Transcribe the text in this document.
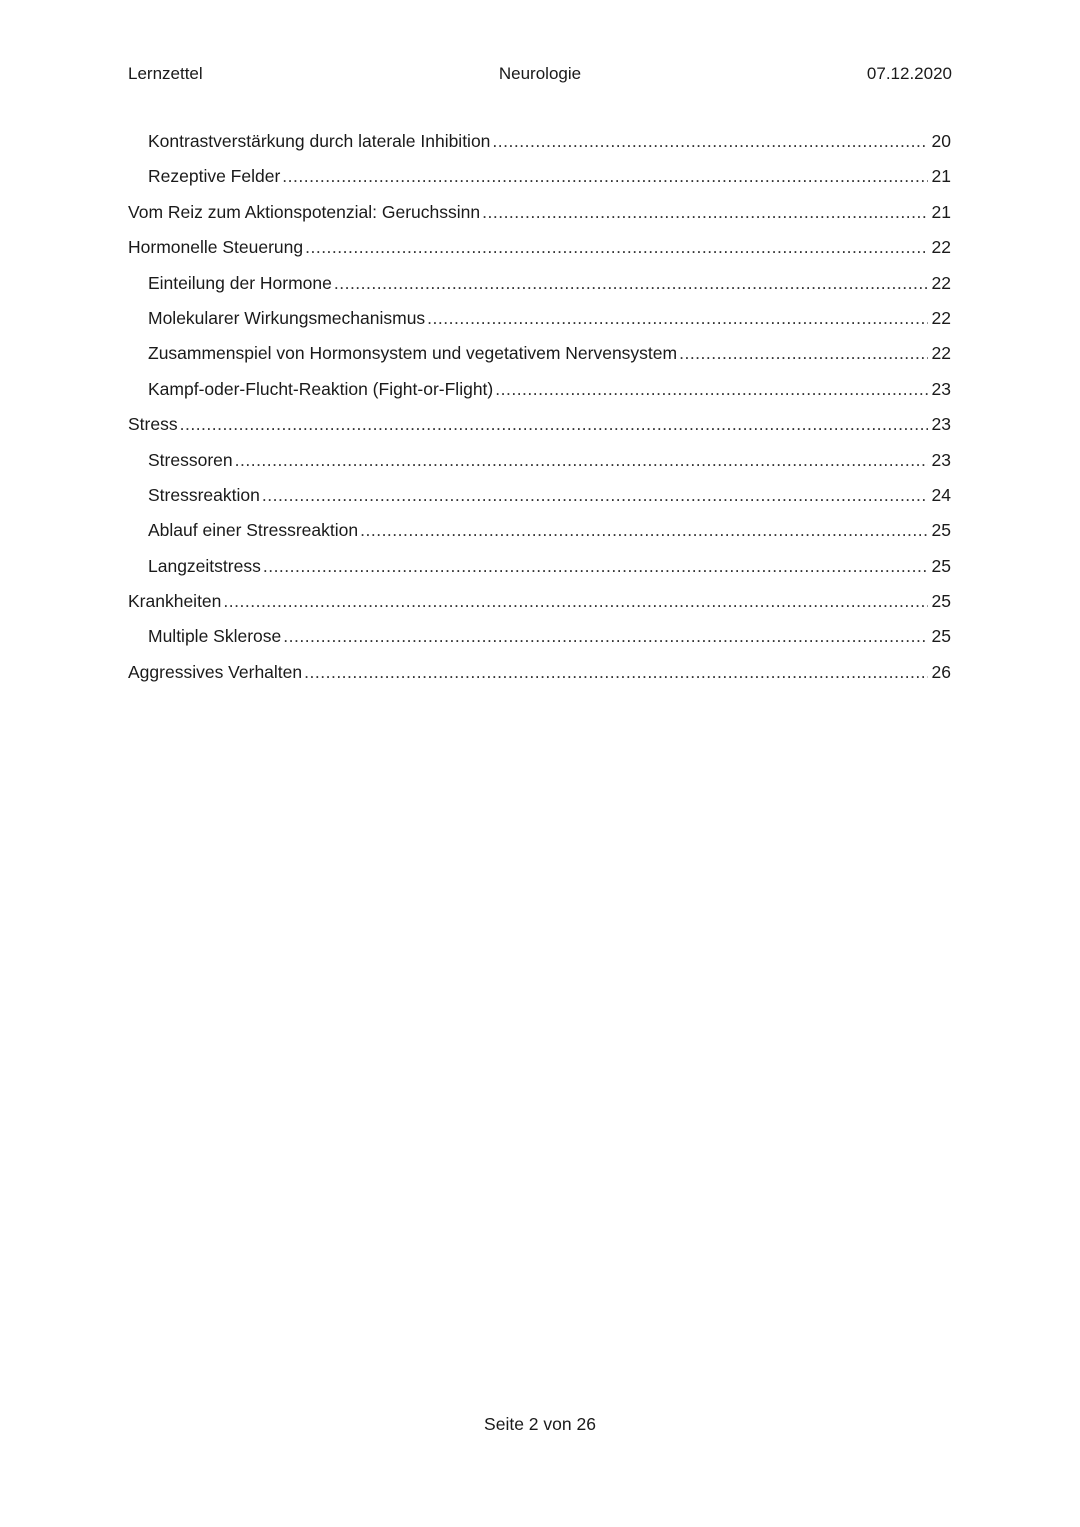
Lernzettel	Neurologie	07.12.2020
Kontrastverstärkung durch laterale Inhibition .....	20
Rezeptive Felder .....	21
Vom Reiz zum Aktionspotenzial: Geruchssinn .....	21
Hormonelle Steuerung .....	22
Einteilung der Hormone .....	22
Molekularer Wirkungsmechanismus .....	22
Zusammenspiel von Hormonsystem und vegetativem Nervensystem .....	22
Kampf-oder-Flucht-Reaktion (Fight-or-Flight) .....	23
Stress .....	23
Stressoren .....	23
Stressreaktion .....	24
Ablauf einer Stressreaktion .....	25
Langzeitstress .....	25
Krankheiten .....	25
Multiple Sklerose .....	25
Aggressives Verhalten .....	26
Seite 2 von 26
